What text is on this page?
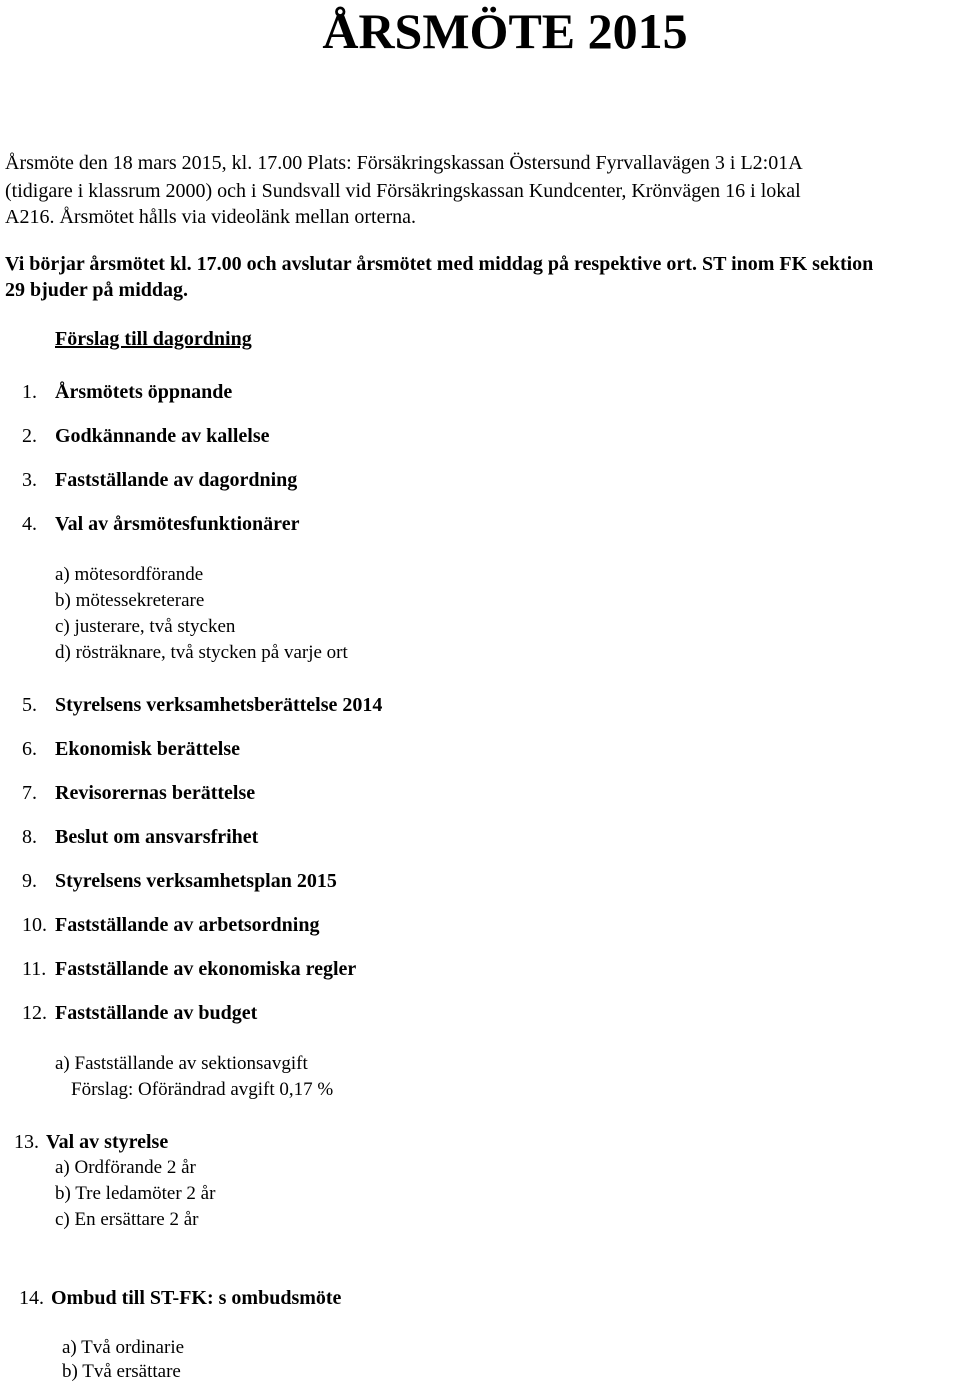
ÅRSMÖTE 2015
Årsmöte den 18 mars 2015, kl. 17.00 Plats: Försäkringskassan Östersund Fyrvallavägen 3 i L2:01A
(tidigare i klassrum 2000) och i Sundsvall vid Försäkringskassan Kundcenter, Krönvägen 16 i lokal
A216. Årsmötet hålls via videolänk mellan orterna.
Vi börjar årsmötet kl. 17.00 och avslutar årsmötet med middag på respektive ort. ST inom FK sektion
29 bjuder på middag.
Förslag till dagordning
1. Årsmötets öppnande
2. Godkännande av kallelse
3. Fastställande av dagordning
4. Val av årsmötesfunktionärer
a) mötesordförande
b) mötessekreterare
c) justerare, två stycken
d) rösträknare, två stycken på varje ort
5. Styrelsens verksamhetsberättelse 2014
6. Ekonomisk berättelse
7. Revisorernas berättelse
8. Beslut om ansvarsfrihet
9. Styrelsens verksamhetsplan 2015
10. Fastställande av arbetsordning
11. Fastställande av ekonomiska regler
12. Fastställande av budget
a) Fastställande av sektionsavgift
Förslag: Oförändrad avgift 0,17 %
13. Val av styrelse
a) Ordförande 2 år
b) Tre ledamöter 2 år
c) En ersättare 2 år
14. Ombud till ST-FK: s ombudsmöte
a) Två ordinarie
b) Två ersättare
